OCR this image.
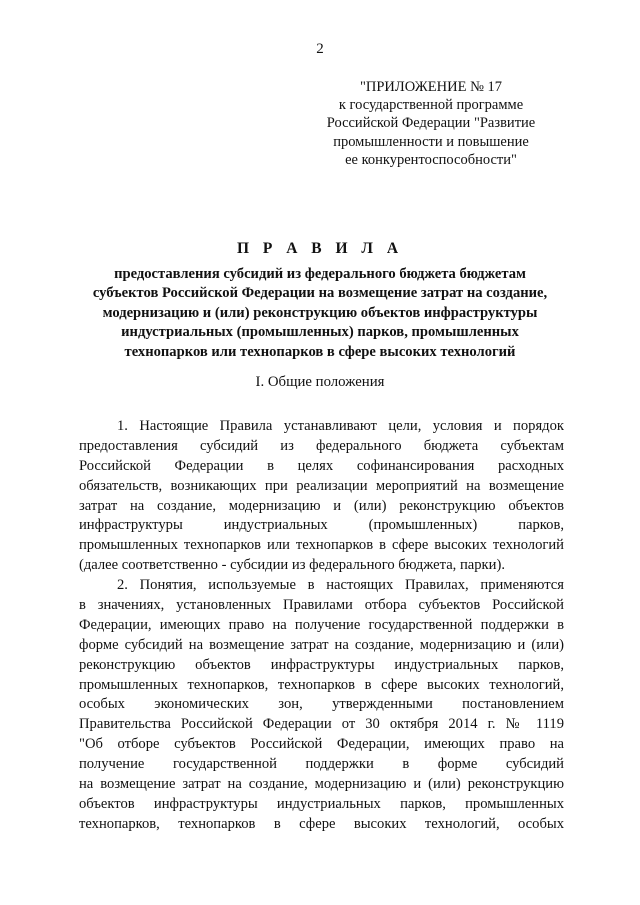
2
"ПРИЛОЖЕНИЕ № 17
к государственной программе
Российской Федерации "Развитие
промышленности и повышение
ее конкурентоспособности"
П Р А В И Л А
предоставления субсидий из федерального бюджета бюджетам
субъектов Российской Федерации на возмещение затрат на создание,
модернизацию и (или) реконструкцию объектов инфраструктуры
индустриальных (промышленных) парков, промышленных
технопарков или технопарков в сфере высоких технологий
I. Общие положения
1. Настоящие Правила устанавливают цели, условия и порядок
предоставления субсидий из федерального бюджета субъектам
Российской Федерации в целях софинансирования расходных
обязательств, возникающих при реализации мероприятий на возмещение
затрат на создание, модернизацию и (или) реконструкцию объектов
инфраструктуры индустриальных (промышленных) парков,
промышленных технопарков или технопарков в сфере высоких технологий
(далее соответственно - субсидии из федерального бюджета, парки).
2. Понятия, используемые в настоящих Правилах, применяются
в значениях, установленных Правилами отбора субъектов Российской
Федерации, имеющих право на получение государственной поддержки в
форме субсидий на возмещение затрат на создание, модернизацию и (или)
реконструкцию объектов инфраструктуры индустриальных парков,
промышленных технопарков, технопарков в сфере высоких технологий,
особых экономических зон, утвержденными постановлением
Правительства Российской Федерации от 30 октября 2014 г. № 1119
"Об отборе субъектов Российской Федерации, имеющих право на
получение государственной поддержки в форме субсидий
на возмещение затрат на создание, модернизацию и (или) реконструкцию
объектов инфраструктуры индустриальных парков, промышленных
технопарков, технопарков в сфере высоких технологий, особых
